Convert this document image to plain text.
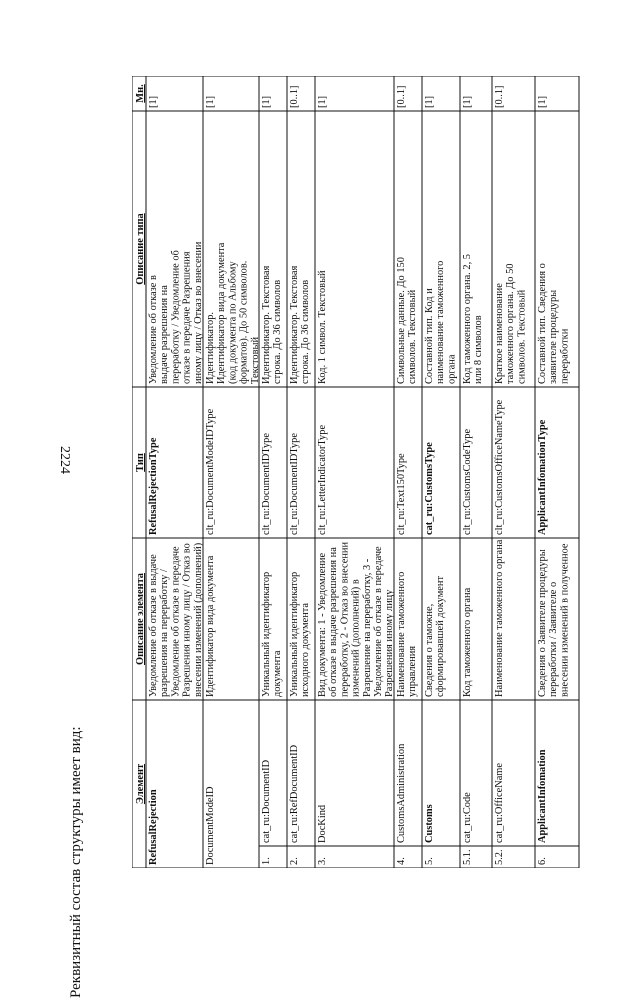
2224
Реквизитный состав структуры имеет вид:	Элемент
Описание элемента
Тип
Описание типа
Мн.
RefusalRejection
Уведомление об отказе в выдаче разрешения на переработку / Уведомление об отказе в передаче Разрешения иному лицу / Отказ во внесении изменений (дополнений)
RefusalRejectionType
Уведомление об отказе в выдаче разрешения на переработку / Уведомление об отказе в передаче Разрешения иному лицу / Отказ во внесении
[1]
DocumentModeID
Идентификатор вида документа
clt_ru:DocumentModeIDType
Идентификатор. Идентификатор вида документа (код документа по Альбому форматов). До 50 символов. Текстовый
[1]
1.
cat_ru:DocumentID
Уникальный идентификатор документа
clt_ru:DocumentIDType
Идентификатор. Текстовая строка. До 36 символов
[1]
2.
cat_ru:RefDocumentID
Уникальный идентификатор исходного документа
clt_ru:DocumentIDType
Идентификатор. Текстовая строка. До 36 символов
[0..1]
3.
DocKind
Вид документа: 1 - Уведомление об отказе в выдаче разрешения на переработку, 2 - Отказ во внесении изменений (дополнений) в Разрешение на переработку, 3 - Уведомление об отказе в передаче Разрешения иному лицу
clt_ru:LetterIndicatorType
Код. 1 символ. Текстовый
[1]
4.
CustomsAdministration
Наименование таможенного управления
clt_ru:Text150Type
Символьные данные. До 150 символов. Текстовый
[0..1]
5.
Customs
Сведения о таможне, сформировавшей документ
cat_ru:CustomsType
Составной тип. Код и наименование таможенного органа
[1]
5.1.
cat_ru:Code
Код таможенного органа
clt_ru:CustomsCodeType
Код таможенного органа. 2, 5 или 8 символов
[1]
5.2.
cat_ru:OfficeName
Наименование таможенного органа
clt_ru:CustomsOfficeNameType
Краткое наименование таможенного органа. До 50 символов. Текстовый
[0..1]
6.
ApplicantInfomation
Сведения о Заявителе процедуры переработки / Заявителе о внесении изменений в полученное
ApplicantInfomationType
Составной тип. Сведения о заявителе процедуры переработки
[1]
